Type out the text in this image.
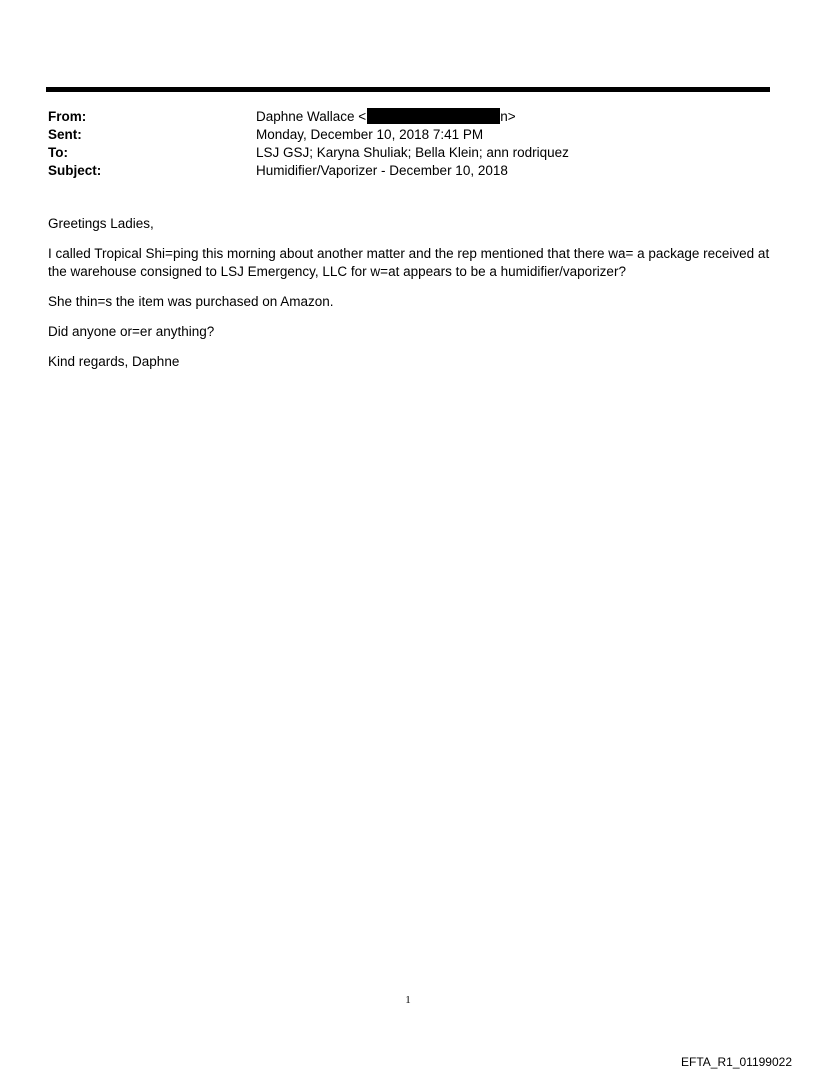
From:	Daphne Wallace <	n>
Sent:	Monday, December 10, 2018 7:41 PM
To:	LSJ GSJ; Karyna Shuliak; Bella Klein; ann rodriquez
Subject:	Humidifier/Vaporizer - December 10, 2018

Greetings Ladies,

I called Tropical Shi=ping this morning about another matter and the rep mentioned that there wa= a package received at the warehouse consigned to LSJ Emergency, LLC for w=at appears to be a humidifier/vaporizer?

She thin=s the item was purchased on Amazon.

Did anyone or=er anything?

Kind regards, Daphne

1
EFTA_R1_01199022
